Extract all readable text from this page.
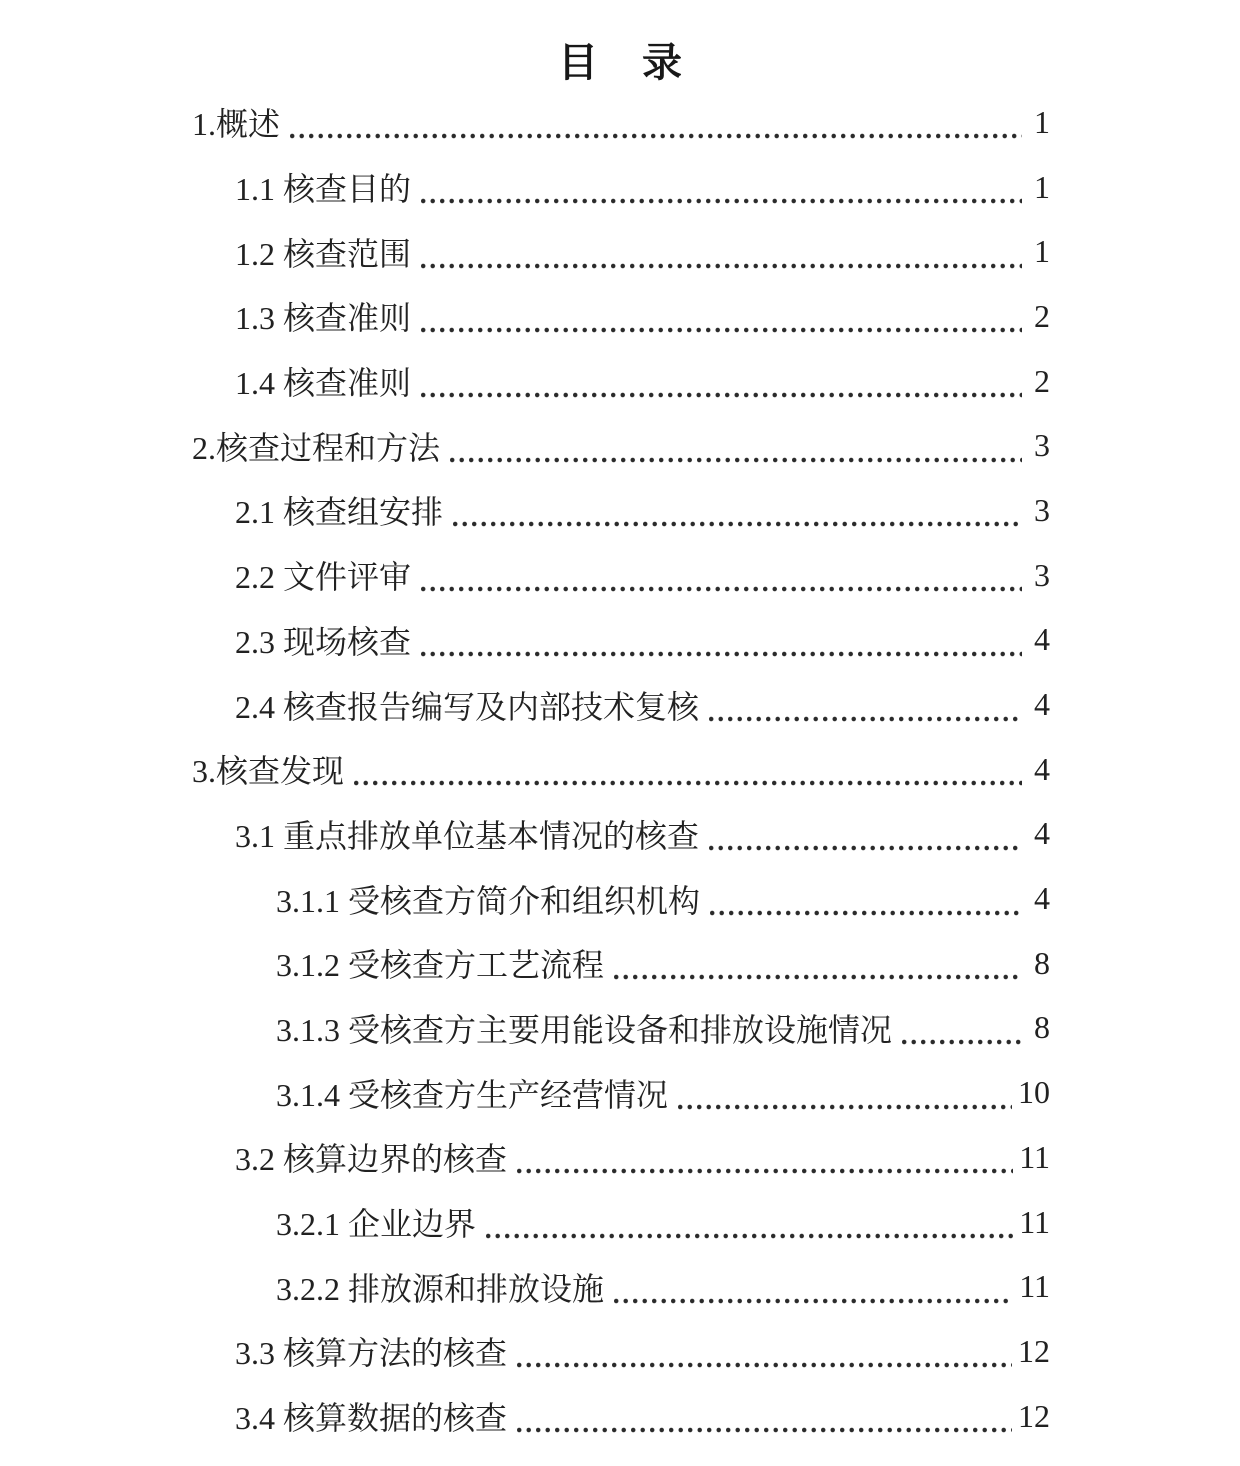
目　录
1.概述	1
1.1 核查目的	1
1.2 核查范围	1
1.3 核查准则	2
1.4 核查准则	2
2.核查过程和方法	3
2.1 核查组安排	3
2.2 文件评审	3
2.3 现场核查	4
2.4 核查报告编写及内部技术复核	4
3.核查发现	4
3.1 重点排放单位基本情况的核查	4
3.1.1 受核查方简介和组织机构	4
3.1.2 受核查方工艺流程	8
3.1.3 受核查方主要用能设备和排放设施情况	8
3.1.4 受核查方生产经营情况	10
3.2 核算边界的核查	11
3.2.1 企业边界	11
3.2.2 排放源和排放设施	11
3.3 核算方法的核查	12
3.4 核算数据的核查	12
